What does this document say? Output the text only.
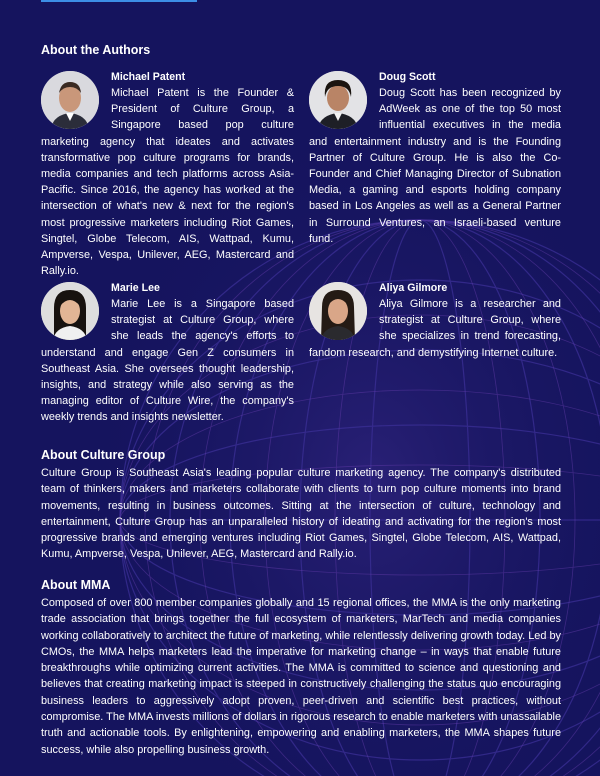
About the Authors
Michael Patent
Michael Patent is the Founder & President of Culture Group, a Singapore based pop culture marketing agency that ideates and activates transformative pop culture programs for brands, media companies and tech platforms across Asia-Pacific. Since 2016, the agency has worked at the intersection of what's new & next for the region's most progressive marketers including Riot Games, Singtel, Globe Telecom, AIS, Wattpad, Kumu, Ampverse, Vespa, Unilever, AEG, Mastercard and Rally.io.
Doug Scott
Doug Scott has been recognized by AdWeek as one of the top 50 most influential executives in the media and entertainment industry and is the Founding Partner of Culture Group. He is also the Co-Founder and Chief Managing Director of Subnation Media, a gaming and esports holding company based in Los Angeles as well as a General Partner in Surround Ventures, an Israeli-based venture fund.
Marie Lee
Marie Lee is a Singapore based strategist at Culture Group, where she leads the agency's efforts to understand and engage Gen Z consumers in Southeast Asia. She oversees thought leadership, insights, and strategy while also serving as the managing editor of Culture Wire, the company's weekly trends and insights newsletter.
Aliya Gilmore
Aliya Gilmore is a researcher and strategist at Culture Group, where she specializes in trend forecasting, fandom research, and demystifying Internet culture.
About Culture Group

Culture Group is Southeast Asia's leading popular culture marketing agency. The company's distributed team of thinkers, makers and marketers collaborate with clients to turn pop culture moments into brand movements, resulting in business outcomes. Sitting at the intersection of culture, technology and entertainment, Culture Group has an unparalleled history of ideating and activating for the region's most progressive brands and emerging ventures including Riot Games, Singtel, Globe Telecom, AIS, Wattpad, Kumu, Ampverse, Vespa, Unilever, AEG, Mastercard and Rally.io.

About MMA

Composed of over 800 member companies globally and 15 regional offices, the MMA is the only marketing trade association that brings together the full ecosystem of marketers, MarTech and media companies working collaboratively to architect the future of marketing, while relentlessly delivering growth today. Led by CMOs, the MMA helps marketers lead the imperative for marketing change – in ways that enable future breakthroughs while optimizing current activities. The MMA is committed to science and questioning and believes that creating marketing impact is steeped in constructively challenging the status quo encouraging business leaders to aggressively adopt proven, peer-driven and scientific best practices, without compromise. The MMA invests millions of dollars in rigorous research to enable marketers with unassailable truth and actionable tools. By enlightening, empowering and enabling marketers, the MMA shapes future success, while also propelling business growth.
